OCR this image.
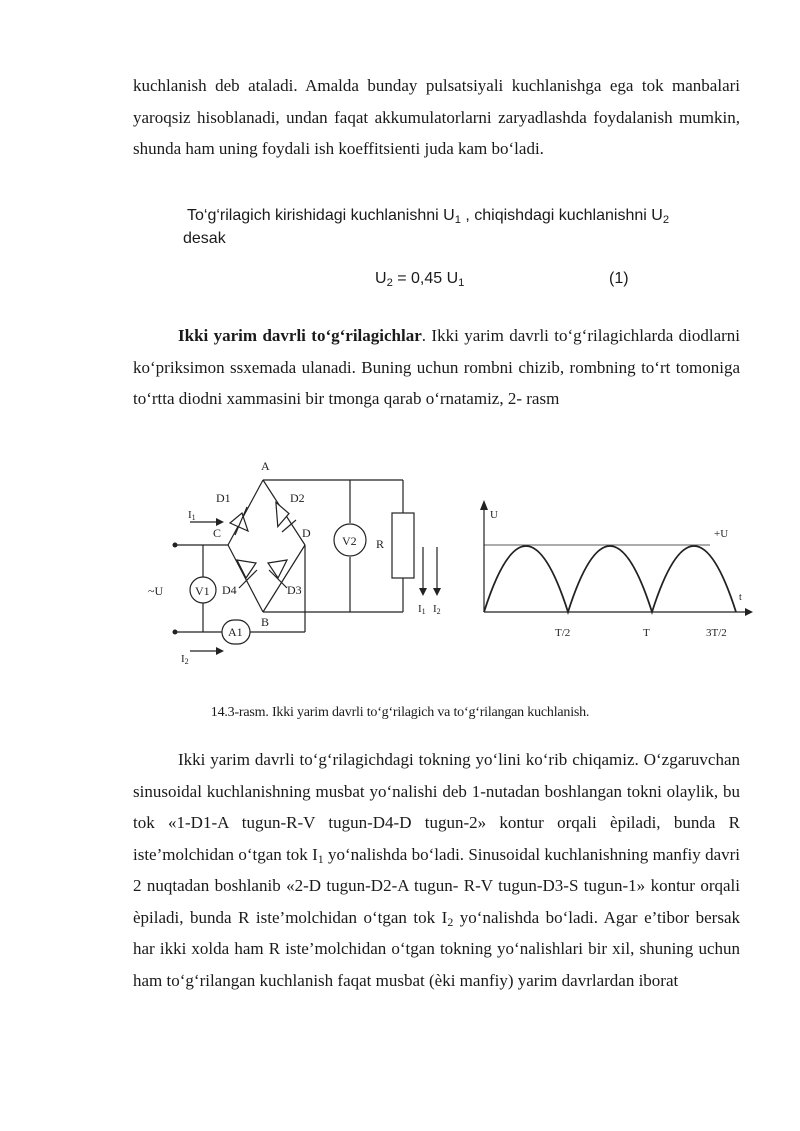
kuchlanish deb ataladi. Amalda bunday pulsatsiyali kuchlanishga ega tok manbalari yaroqsiz hisoblanadi, undan faqat akkumulatorlarni zaryadlashda foydalanish mumkin, shunda ham uning foydali ish koeffitsienti juda kam bo‘ladi.

To‘g‘rilagich kirishidagi kuchlanishni $U_1$ , chiqishdagi kuchlanishni $U_2$
desak

$U_2 = 0,45$ $U_1$	(1)

Ikki yarim davrli to‘g‘rilagichlar. Ikki yarim davrli to‘g‘rilagichlarda diodlarni ko‘priksimon ssxemada ulanadi. Buning uchun rombni chizib, rombning to‘rt tomoniga to‘rtta diodni xammasini bir tmonga qarab o‘rnatamiz, 2- rasm

A
B
C	D
D1	D2
D3
D4
I1
I2
V2
V1
A1
R
~U
I1 I2
U
t
+U
T/2	T	3T/2
14.3-rasm. Ikki yarim davrli to‘g‘rilagich va to‘g‘rilangan kuchlanish.

Ikki yarim davrli to‘g‘rilagichdagi tokning yo‘lini ko‘rib chiqamiz. O‘zgaruvchan sinusoidal kuchlanishning musbat yo‘nalishi deb 1-nutadan boshlangan tokni olaylik, bu tok «1-D1-A tugun-R-V tugun-D4-D tugun-2» kontur orqali èpiladi, bunda R iste’molchidan o‘tgan tok $I_1$ yo‘nalishda bo‘ladi. Sinusoidal kuchlanishning manfiy davri 2 nuqtadan boshlanib «2-D tugun-D2-A tugun- R-V tugun-D3-S tugun-1» kontur orqali èpiladi, bunda R iste’molchidan o‘tgan tok $I_2$ yo‘nalishda bo‘ladi. Agar e’tibor bersak har ikki xolda ham R iste’molchidan o‘tgan tokning yo‘nalishlari bir xil, shuning uchun ham to‘g‘rilangan kuchlanish faqat musbat (èki manfiy) yarim davrlardan iborat
